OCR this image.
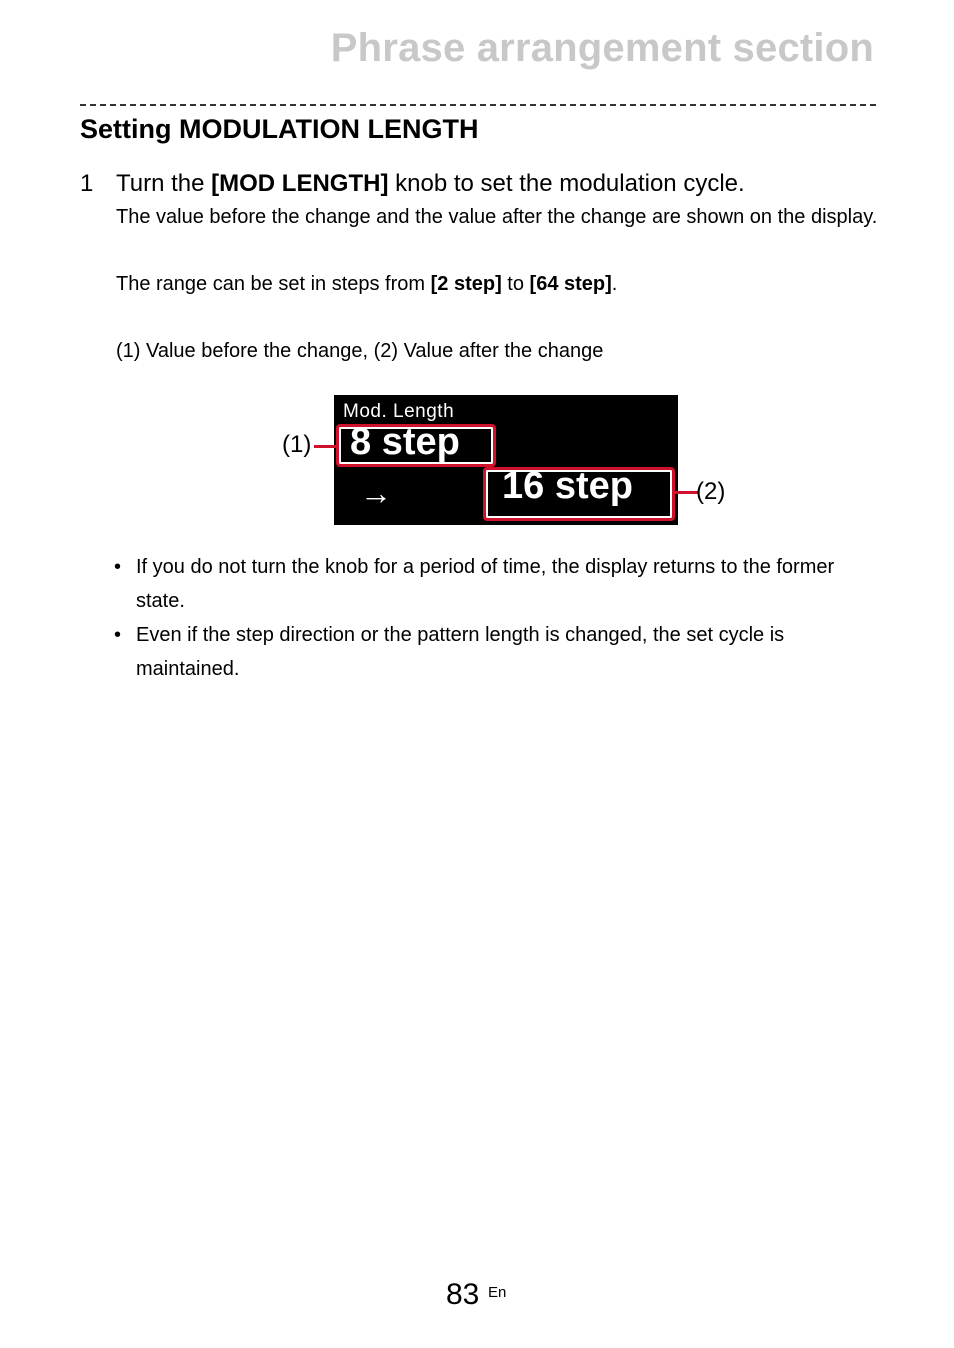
Phrase arrangement section
Setting MODULATION LENGTH
1 Turn the [MOD LENGTH] knob to set the modulation cycle.
The value before the change and the value after the change are shown on the display.
The range can be set in steps from [2 step] to [64 step].
(1) Value before the change, (2) Value after the change
Mod. Length
8 step
→	16 step
(1)
(2)
• If you do not turn the knob for a period of time, the display returns to the former state.
• Even if the step direction or the pattern length is changed, the set cycle is maintained.
83 En
